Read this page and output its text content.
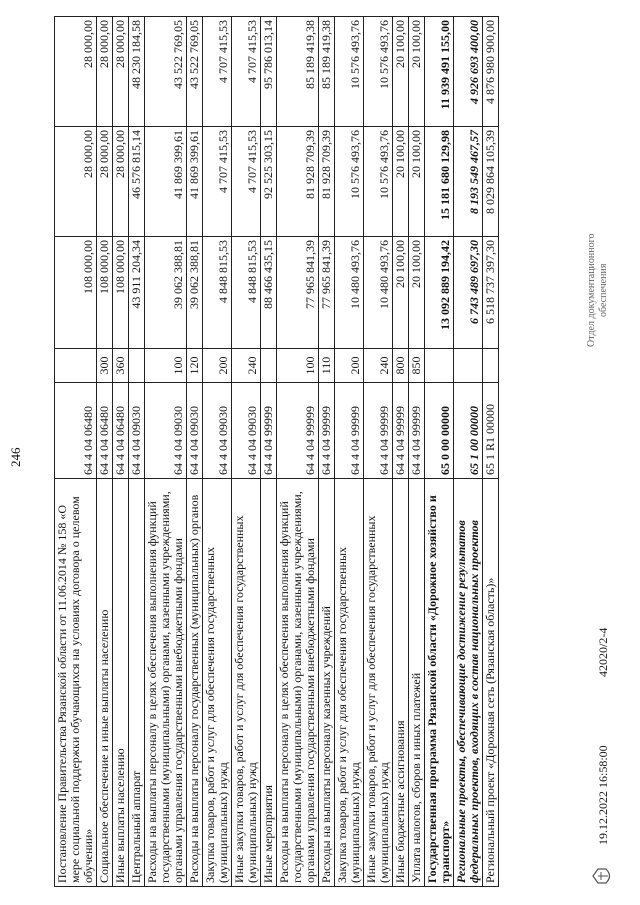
246
Постановление Правительства Рязанской области от 11.06.2014 № 158 «О мере социальной поддержки обучающихся на условиях договора о целевом обучении»	64 4 04 06480		108 000,00	28 000,00	28 000,00
Социальное обеспечение и иные выплаты населению	64 4 04 06480	300	108 000,00	28 000,00	28 000,00
Иные выплаты населению	64 4 04 06480	360	108 000,00	28 000,00	28 000,00
Центральный аппарат	64 4 04 09030		43 911 204,34	46 576 815,14	48 230 184,58
Расходы на выплаты персоналу в целях обеспечения выполнения функций государственными (муниципальными) органами, казенными учреждениями, органами управления государственными внебюджетными фондами	64 4 04 09030	100	39 062 388,81	41 869 399,61	43 522 769,05
Расходы на выплаты персоналу государственных (муниципальных) органов	64 4 04 09030	120	39 062 388,81	41 869 399,61	43 522 769,05
Закупка товаров, работ и услуг для обеспечения государственных (муниципальных) нужд	64 4 04 09030	200	4 848 815,53	4 707 415,53	4 707 415,53
Иные закупки товаров, работ и услуг для обеспечения государственных (муниципальных) нужд	64 4 04 09030	240	4 848 815,53	4 707 415,53	4 707 415,53
Иные мероприятия	64 4 04 99999		88 466 435,15	92 525 303,15	95 786 013,14
Расходы на выплаты персоналу в целях обеспечения выполнения функций государственными (муниципальными) органами, казенными учреждениями, органами управления государственными внебюджетными фондами	64 4 04 99999	100	77 965 841,39	81 928 709,39	85 189 419,38
Расходы на выплаты персоналу казенных учреждений	64 4 04 99999	110	77 965 841,39	81 928 709,39	85 189 419,38
Закупка товаров, работ и услуг для обеспечения государственных (муниципальных) нужд	64 4 04 99999	200	10 480 493,76	10 576 493,76	10 576 493,76
Иные закупки товаров, работ и услуг для обеспечения государственных (муниципальных) нужд	64 4 04 99999	240	10 480 493,76	10 576 493,76	10 576 493,76
Иные бюджетные ассигнования	64 4 04 99999	800	20 100,00	20 100,00	20 100,00
Уплата налогов, сборов и иных платежей	64 4 04 99999	850	20 100,00	20 100,00	20 100,00
Государственная программа Рязанской области «Дорожное хозяйство и транспорт»	65 0 00 00000		13 092 889 194,42	15 181 680 129,98	11 939 491 155,00
Региональные проекты, обеспечивающие достижение результатов федеральных проектов, входящих в состав национальных проектов	65 1 00 00000		6 743 489 697,30	8 193 549 467,57	4 926 693 400,00
Региональный проект «Дорожная сеть (Рязанская область)»	65 1 R1 00000		6 518 737 397,30	8 029 864 105,39	4 876 980 900,00
19.12.2022 16:58:00
42020/2-4
Отдел документационного обеспечения
